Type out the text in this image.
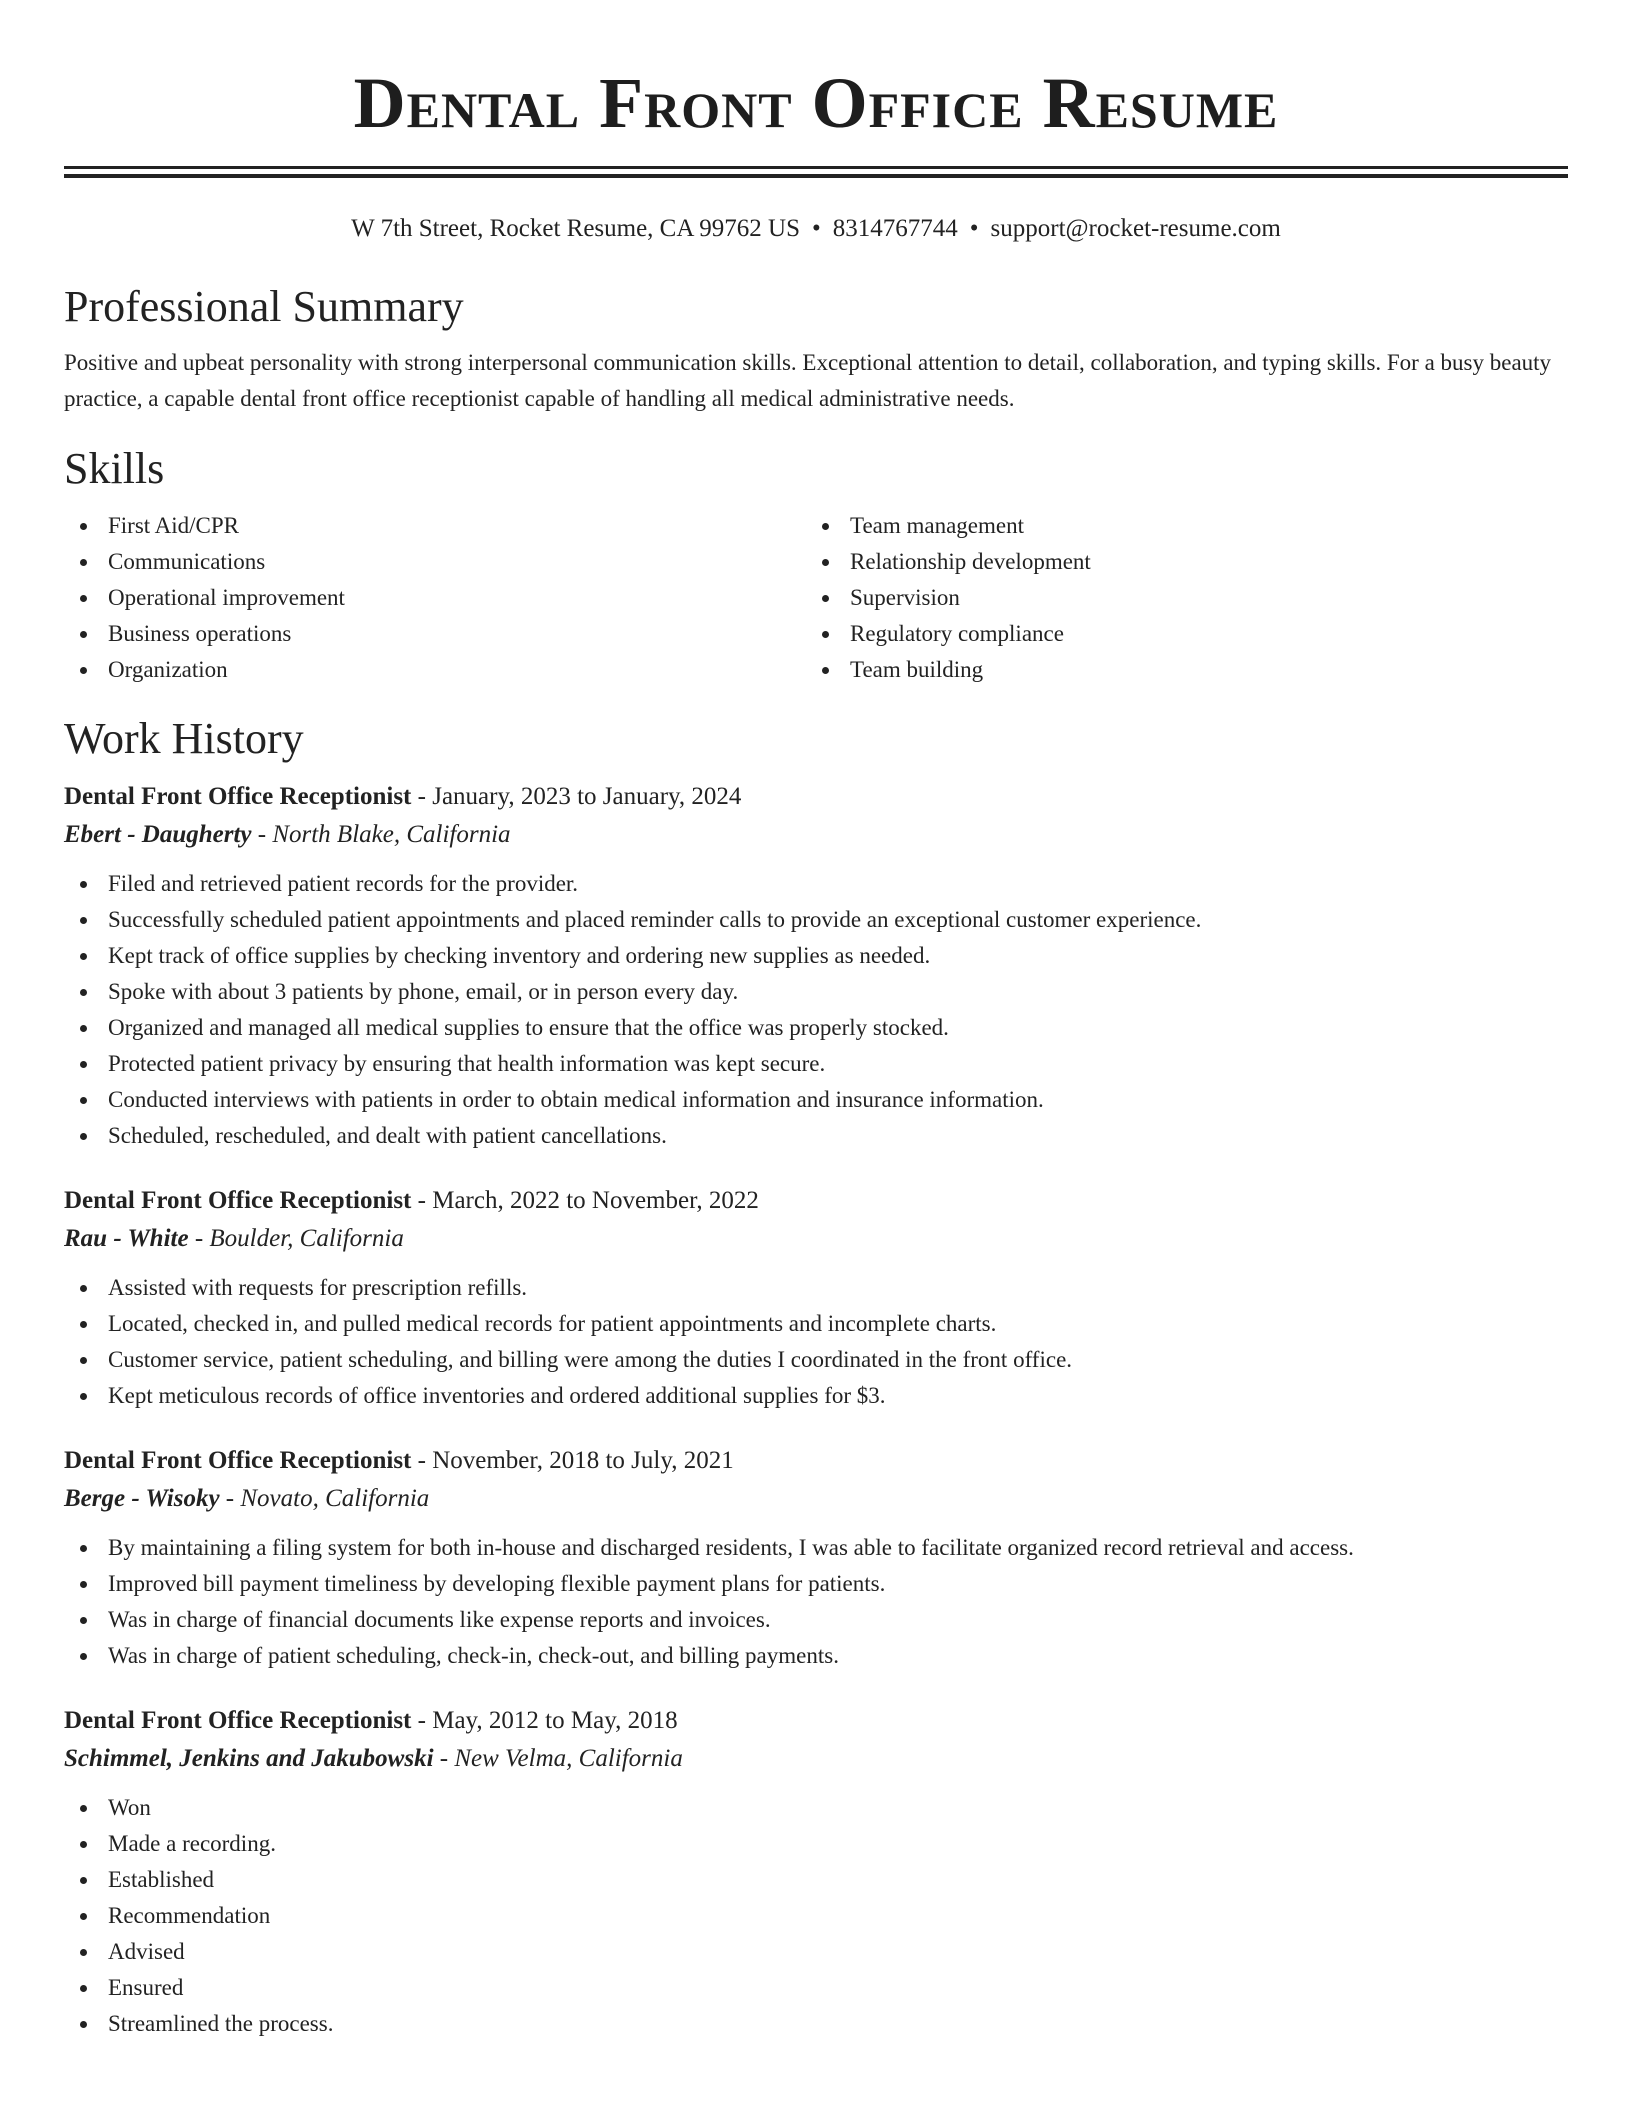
Dental Front Office Resume
W 7th Street, Rocket Resume, CA 99762 US • 8314767744 • support@rocket-resume.com
Professional Summary

Positive and upbeat personality with strong interpersonal communication skills. Exceptional attention to detail, collaboration, and typing skills. For a busy beauty practice, a capable dental front office receptionist capable of handling all medical administrative needs.

Skills
First Aid/CPR
Communications
Operational improvement
Business operations
Organization
Team management
Relationship development
Supervision
Regulatory compliance
Team building
Work History
Dental Front Office Receptionist - January, 2023 to January, 2024
Ebert - Daugherty - North Blake, California
Filed and retrieved patient records for the provider.
Successfully scheduled patient appointments and placed reminder calls to provide an exceptional customer experience.
Kept track of office supplies by checking inventory and ordering new supplies as needed.
Spoke with about 3 patients by phone, email, or in person every day.
Organized and managed all medical supplies to ensure that the office was properly stocked.
Protected patient privacy by ensuring that health information was kept secure.
Conducted interviews with patients in order to obtain medical information and insurance information.
Scheduled, rescheduled, and dealt with patient cancellations.
Dental Front Office Receptionist - March, 2022 to November, 2022
Rau - White - Boulder, California
Assisted with requests for prescription refills.
Located, checked in, and pulled medical records for patient appointments and incomplete charts.
Customer service, patient scheduling, and billing were among the duties I coordinated in the front office.
Kept meticulous records of office inventories and ordered additional supplies for $3.
Dental Front Office Receptionist - November, 2018 to July, 2021
Berge - Wisoky - Novato, California
By maintaining a filing system for both in-house and discharged residents, I was able to facilitate organized record retrieval and access.
Improved bill payment timeliness by developing flexible payment plans for patients.
Was in charge of financial documents like expense reports and invoices.
Was in charge of patient scheduling, check-in, check-out, and billing payments.
Dental Front Office Receptionist - May, 2012 to May, 2018
Schimmel, Jenkins and Jakubowski - New Velma, California
Won
Made a recording.
Established
Recommendation
Advised
Ensured
Streamlined the process.
